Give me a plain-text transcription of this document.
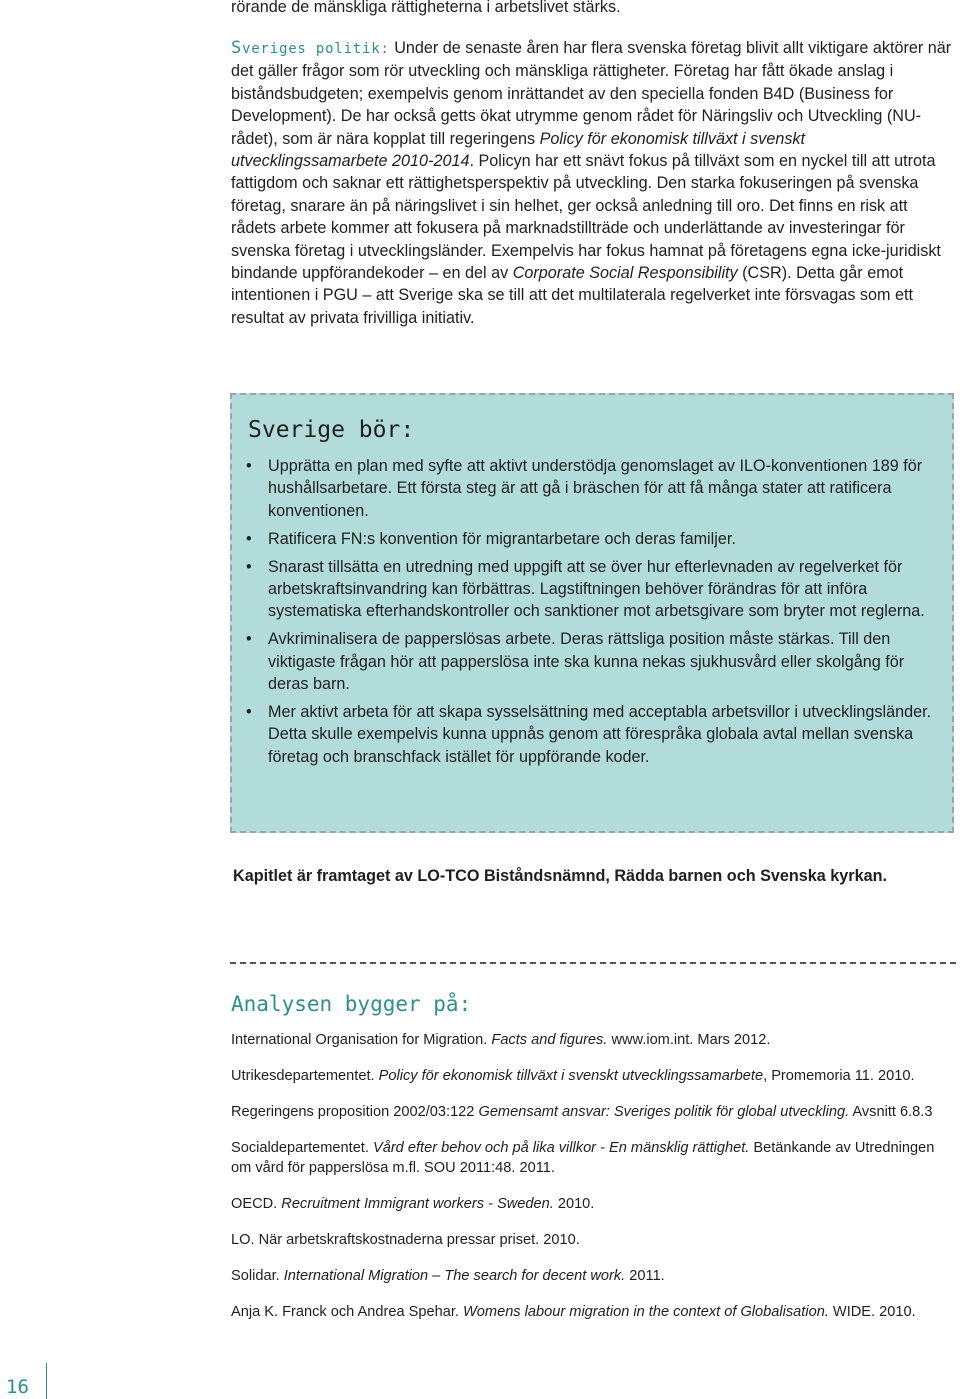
rörande de mänskliga rättigheterna i arbetslivet stärks.

Sveriges politik: Under de senaste åren har flera svenska företag blivit allt viktigare aktörer när det gäller frågor som rör utveckling och mänskliga rättigheter. Företag har fått ökade anslag i biståndsbudgeten; exempelvis genom inrättandet av den speciella fonden B4D (Business for Development). De har också getts ökat utrymme genom rådet för Näringsliv och Utveckling (NU-rådet), som är nära kopplat till regeringens Policy för ekonomisk tillväxt i svenskt utvecklingssamarbete 2010-2014. Policyn har ett snävt fokus på tillväxt som en nyckel till att utrota fattigdom och saknar ett rättighetsperspektiv på utveckling. Den starka fokuseringen på svenska företag, snarare än på näringslivet i sin helhet, ger också anledning till oro. Det finns en risk att rådets arbete kommer att fokusera på marknadstillträde och underlättande av investeringar för svenska företag i utvecklingsländer. Exempelvis har fokus hamnat på företagens egna icke-juridiskt bindande uppförandekoder – en del av Corporate Social Responsibility (CSR). Detta går emot intentionen i PGU – att Sverige ska se till att det multilaterala regelverket inte försvagas som ett resultat av privata frivilliga initiativ.

Sverige bör:

• Upprätta en plan med syfte att aktivt understödja genomslaget av ILO-konventionen 189 för hushållsarbetare. Ett första steg är att gå i bräschen för att få många stater att ratificera konventionen.
• Ratificera FN:s konvention för migrantarbetare och deras familjer.
• Snarast tillsätta en utredning med uppgift att se över hur efterlevnaden av regelverket för arbetskraftsinvandring kan förbättras. Lagstiftningen behöver förändras för att införa systematiska efterhandskontroller och sanktioner mot arbetsgivare som bryter mot reglerna.
• Avkriminalisera de papperslösas arbete. Deras rättsliga position måste stärkas. Till den viktigaste frågan hör att papperslösa inte ska kunna nekas sjukhusvård eller skolgång för deras barn.
• Mer aktivt arbeta för att skapa sysselsättning med acceptabla arbetsvillor i utvecklingsländer. Detta skulle exempelvis kunna uppnås genom att förespråka globala avtal mellan svenska företag och branschfack istället för uppförande koder.

Kapitlet är framtaget av LO-TCO Biståndsnämnd, Rädda barnen och Svenska kyrkan.

Analysen bygger på:

International Organisation for Migration. Facts and figures. www.iom.int. Mars 2012.
Utrikesdepartementet. Policy för ekonomisk tillväxt i svenskt utvecklingssamarbete, Promemoria 11. 2010.
Regeringens proposition 2002/03:122 Gemensamt ansvar: Sveriges politik för global utveckling. Avsnitt 6.8.3
Socialdepartementet. Vård efter behov och på lika villkor - En mänsklig rättighet. Betänkande av Utredningen om vård för papperslösa m.fl. SOU 2011:48. 2011.
OECD. Recruitment Immigrant workers - Sweden. 2010.
LO. När arbetskraftskostnaderna pressar priset. 2010.
Solidar. International Migration – The search for decent work. 2011.
Anja K. Franck och Andrea Spehar. Womens labour migration in the context of Globalisation. WIDE. 2010.

16
